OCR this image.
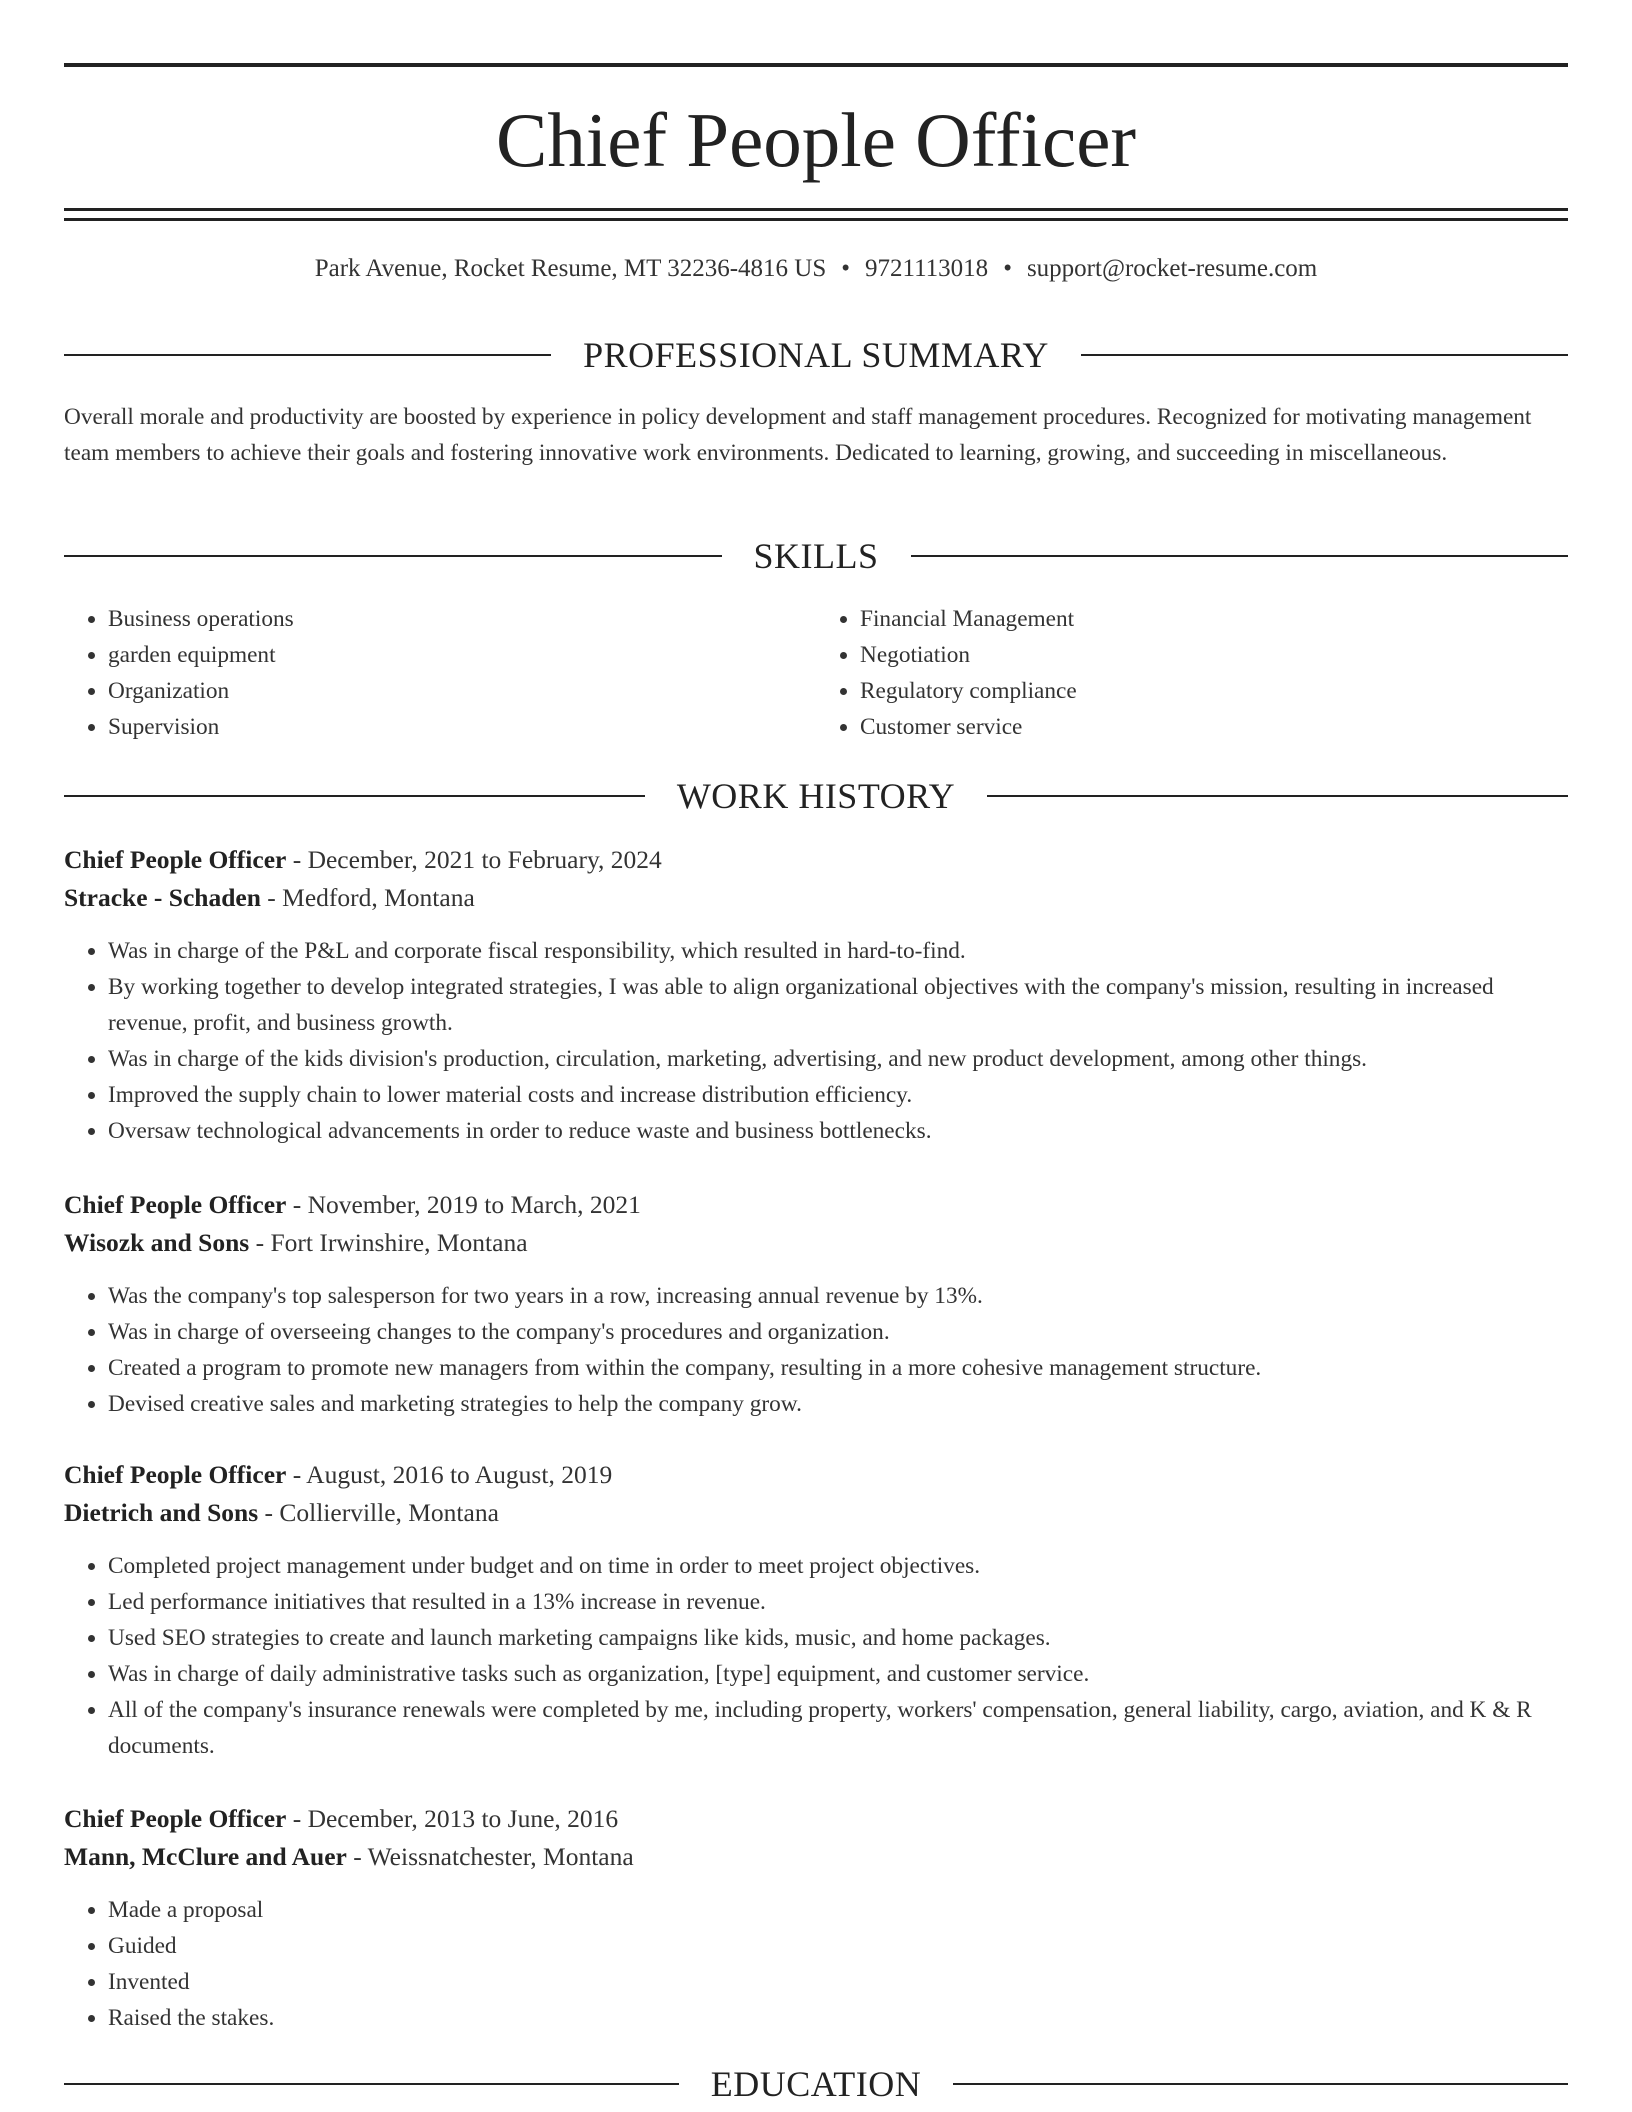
Chief People Officer
Park Avenue, Rocket Resume, MT 32236-4816 US • 9721113018 • support@rocket-resume.com
PROFESSIONAL SUMMARY
Overall morale and productivity are boosted by experience in policy development and staff management procedures. Recognized for motivating management team members to achieve their goals and fostering innovative work environments. Dedicated to learning, growing, and succeeding in miscellaneous.
SKILLS
• Business operations
• garden equipment
• Organization
• Supervision
• Financial Management
• Negotiation
• Regulatory compliance
• Customer service
WORK HISTORY
Chief People Officer - December, 2021 to February, 2024
Stracke - Schaden - Medford, Montana
• Was in charge of the P&L and corporate fiscal responsibility, which resulted in hard-to-find.
• By working together to develop integrated strategies, I was able to align organizational objectives with the company's mission, resulting in increased revenue, profit, and business growth.
• Was in charge of the kids division's production, circulation, marketing, advertising, and new product development, among other things.
• Improved the supply chain to lower material costs and increase distribution efficiency.
• Oversaw technological advancements in order to reduce waste and business bottlenecks.
Chief People Officer - November, 2019 to March, 2021
Wisozk and Sons - Fort Irwinshire, Montana
• Was the company's top salesperson for two years in a row, increasing annual revenue by 13%.
• Was in charge of overseeing changes to the company's procedures and organization.
• Created a program to promote new managers from within the company, resulting in a more cohesive management structure.
• Devised creative sales and marketing strategies to help the company grow.
Chief People Officer - August, 2016 to August, 2019
Dietrich and Sons - Collierville, Montana
• Completed project management under budget and on time in order to meet project objectives.
• Led performance initiatives that resulted in a 13% increase in revenue.
• Used SEO strategies to create and launch marketing campaigns like kids, music, and home packages.
• Was in charge of daily administrative tasks such as organization, [type] equipment, and customer service.
• All of the company's insurance renewals were completed by me, including property, workers' compensation, general liability, cargo, aviation, and K & R documents.
Chief People Officer - December, 2013 to June, 2016
Mann, McClure and Auer - Weissnatchester, Montana
• Made a proposal
• Guided
• Invented
• Raised the stakes.
EDUCATION
